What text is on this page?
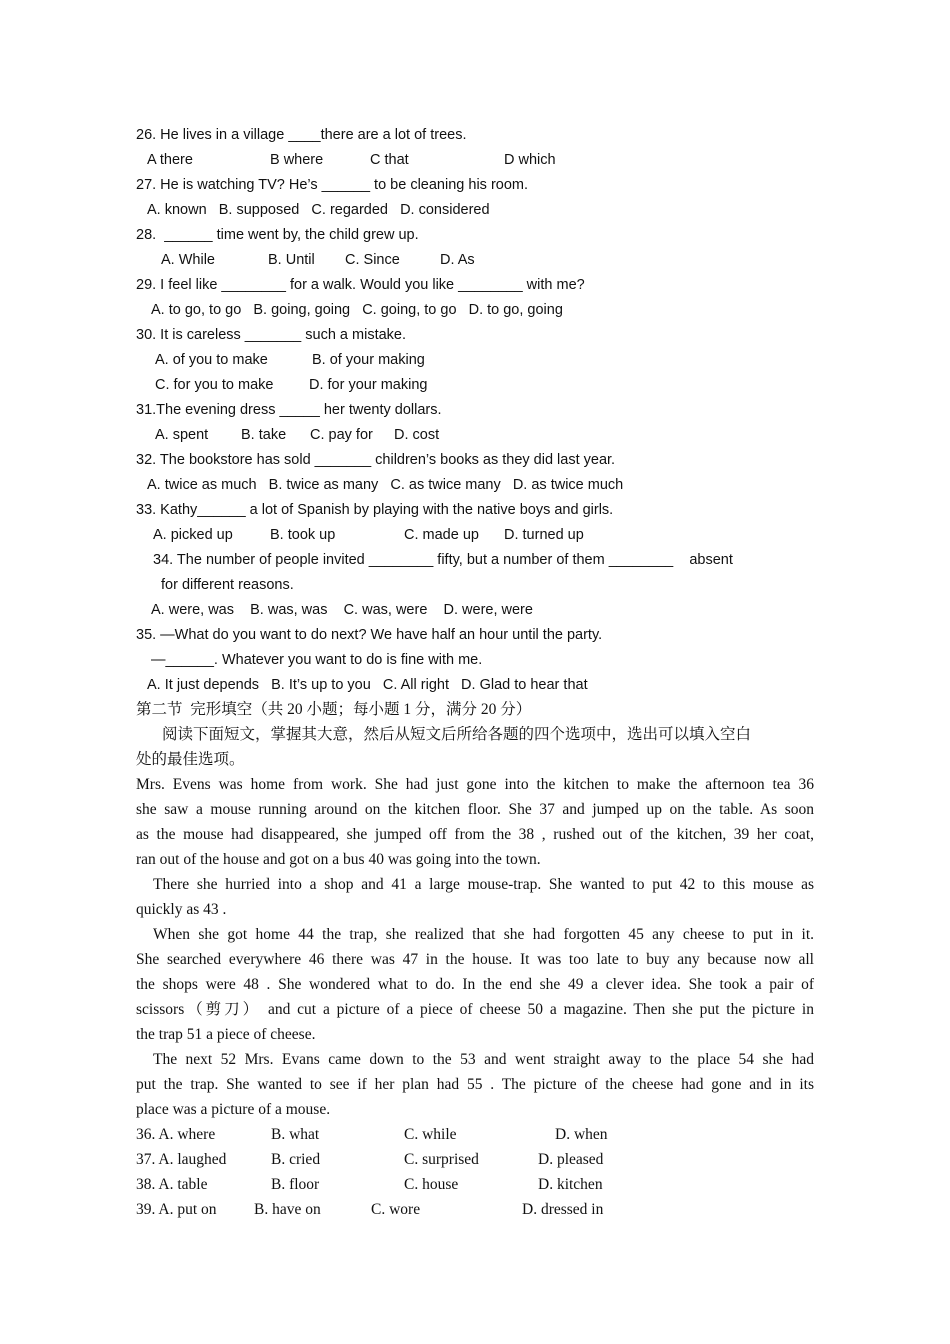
26. He lives in a village ____there are a lot of trees.

A there

	B where

	C that

	D which

27. He is watching TV? He’s ______ to be cleaning his room.
A. known   B. supposed   C. regarded   D. considered
28.  ______ time went by, the child grew up.

A. While

	B. Until

C. Since

	D. As

29. I feel like ________ for a walk. Would you like ________ with me?
A. to go, to go   B. going, going   C. going, to go   D. to go, going
30. It is careless _______ such a mistake.

A. of you to make

	B. of your making

C. for you to make

D. for your making

31.The evening dress _____ her twenty dollars.

A. spent

B. take

C. pay for

D. cost

32. The bookstore has sold _______ children’s books as they did last year.
A. twice as much   B. twice as many   C. as twice many   D. as twice much
33. Kathy______ a lot of Spanish by playing with the native boys and girls.

A. picked up

	B. took up

	C. made up

D. turned up

34. The number of people invited ________ fifty, but a number of them ________    absent
for different reasons.
A. were, was    B. was, was    C. was, were    D. were, were
35. —What do you want to do next? We have half an hour until the party.
—______. Whatever you want to do is fine with me.
A. It just depends   B. It’s up to you   C. All right   D. Glad to hear that
第二节  完形填空（共 20 小题；每小题 1 分，满分 20 分）
阅读下面短文，掌握其大意，然后从短文后所给各题的四个选项中，选出可以填入空白
处的最佳选项。
Mrs. Evens was home from work. She had just gone into the kitchen to make the afternoon tea 36
she saw a mouse running around on the kitchen floor. She 37 and jumped up on the table. As soon
as the mouse had disappeared, she jumped off from the 38 , rushed out of the kitchen, 39 her coat,
ran out of the house and got on a bus 40 was going into the town.
There she hurried into a shop and 41 a large mouse-trap. She wanted to put 42 to this mouse as
quickly as 43 .
When she got home 44 the trap, she realized that she had forgotten 45 any cheese to put in it.
She searched everywhere 46 there was 47 in the house. It was too late to buy any because now all
the shops were 48 . She wondered what to do. In the end she 49 a clever idea. She took a pair of
scissors（剪刀） and cut a picture of a piece of cheese 50 a magazine. Then she put the picture in
the trap 51 a piece of cheese.
The next 52 Mrs. Evans came down to the 53 and went straight away to the place 54 she had
put the trap. She wanted to see if her plan had 55 . The picture of the cheese had gone and in its
place was a picture of a mouse.

36. A. where

	B. what

	C. while

	D. when

37. A. laughed

	B. cried

	C. surprised

	D. pleased

38. A. table

	B. floor

	C. house

	D. kitchen

39. A. put on

B. have on

	C. wore

	D. dressed in
